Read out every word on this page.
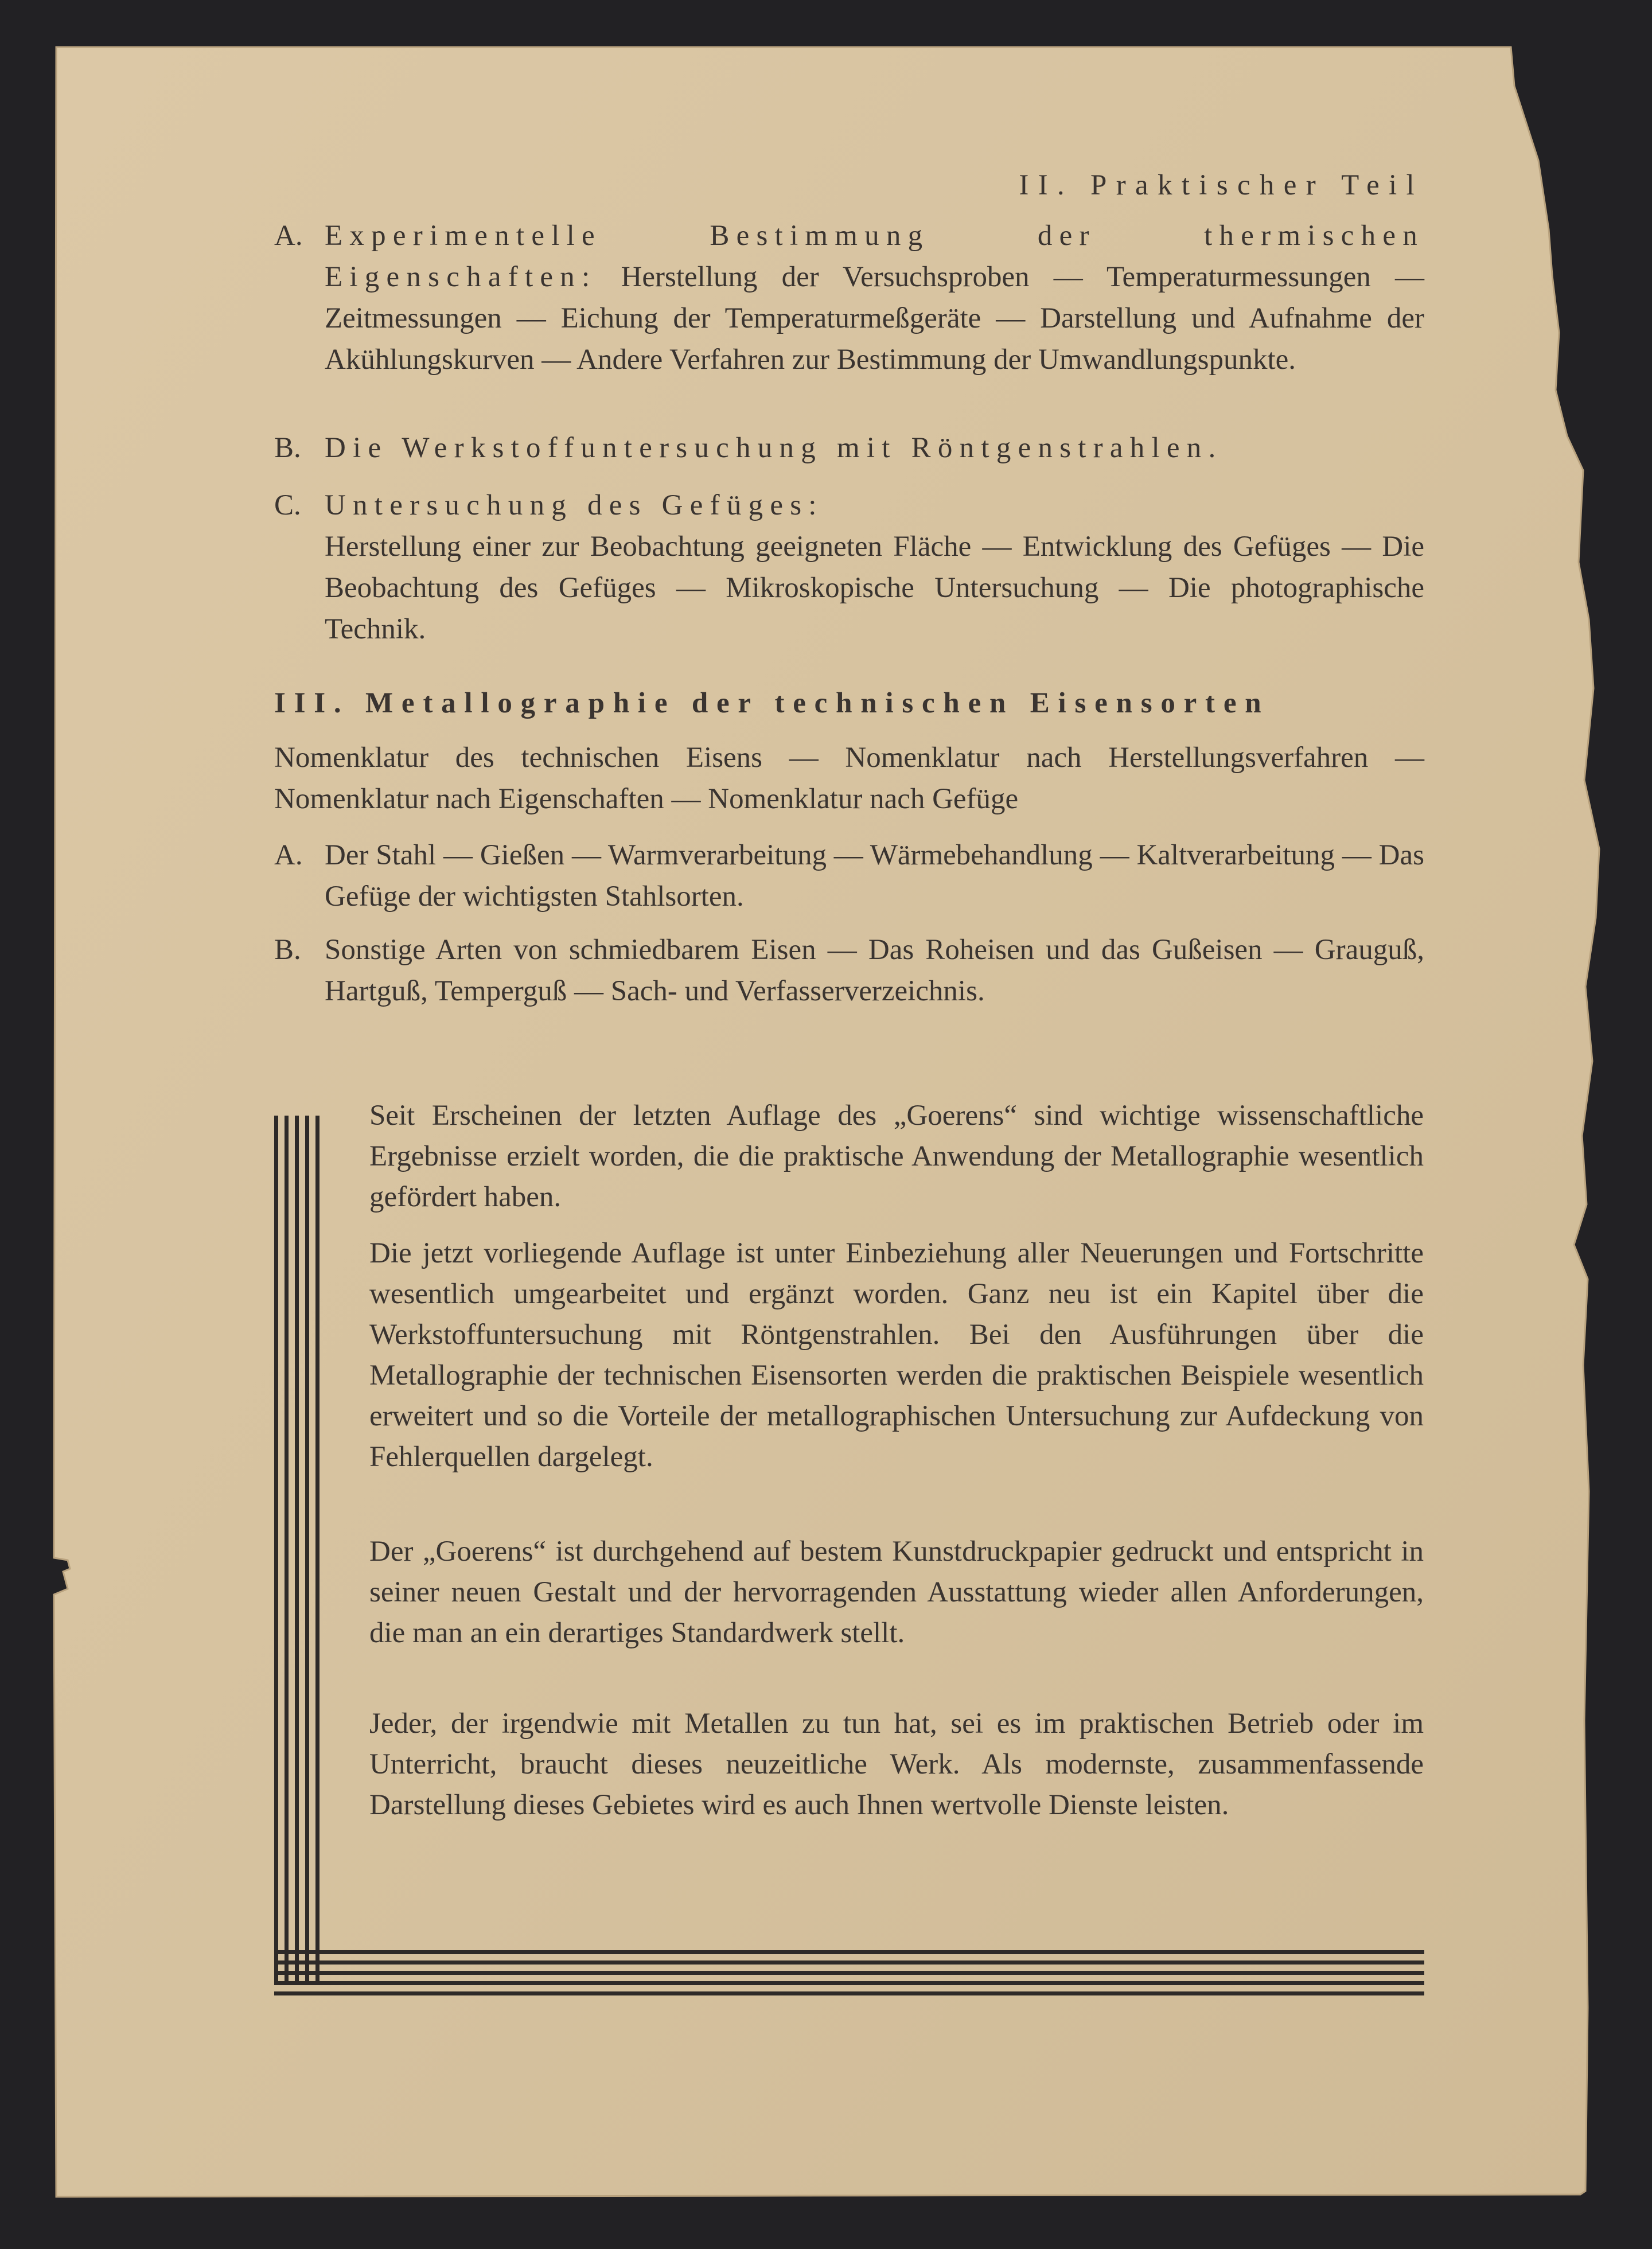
II. Praktischer Teil
A. Experimentelle Bestimmung der thermischen Eigenschaften: Herstellung der Versuchsproben — Temperaturmessungen — Zeitmessungen — Eichung der Temperaturmeßgeräte — Darstellung und Aufnahme der Akühlungskurven — Andere Verfahren zur Bestimmung der Umwandlungspunkte.
B. Die Werkstoffuntersuchung mit Röntgenstrahlen.
C. Untersuchung des Gefüges:
Herstellung einer zur Beobachtung geeigneten Fläche — Entwicklung des Gefüges — Die Beobachtung des Gefüges — Mikroskopische Untersuchung — Die photographische Technik.
III. Metallographie der technischen Eisensorten
Nomenklatur des technischen Eisens — Nomenklatur nach Herstellungsverfahren — Nomenklatur nach Eigenschaften — Nomenklatur nach Gefüge
A. Der Stahl — Gießen — Warmverarbeitung — Wärmebehandlung — Kaltverarbeitung — Das Gefüge der wichtigsten Stahlsorten.
B. Sonstige Arten von schmiedbarem Eisen — Das Roheisen und das Gußeisen — Grauguß, Hartguß, Temperguß — Sach- und Verfasserverzeichnis.
Seit Erscheinen der letzten Auflage des „Goerens“ sind wichtige wissenschaftliche Ergebnisse erzielt worden, die die praktische Anwendung der Metallographie wesentlich gefördert haben.
Die jetzt vorliegende Auflage ist unter Einbeziehung aller Neuerungen und Fortschritte wesentlich umgearbeitet und ergänzt worden. Ganz neu ist ein Kapitel über die Werkstoffuntersuchung mit Röntgenstrahlen. Bei den Ausführungen über die Metallographie der technischen Eisensorten werden die praktischen Beispiele wesentlich erweitert und so die Vorteile der metallographischen Untersuchung zur Aufdeckung von Fehlerquellen dargelegt.
Der „Goerens“ ist durchgehend auf bestem Kunstdruckpapier gedruckt und entspricht in seiner neuen Gestalt und der hervorragenden Ausstattung wieder allen Anforderungen, die man an ein derartiges Standardwerk stellt.
Jeder, der irgendwie mit Metallen zu tun hat, sei es im praktischen Betrieb oder im Unterricht, braucht dieses neuzeitliche Werk. Als modernste, zusammenfassende Darstellung dieses Gebietes wird es auch Ihnen wertvolle Dienste leisten.
